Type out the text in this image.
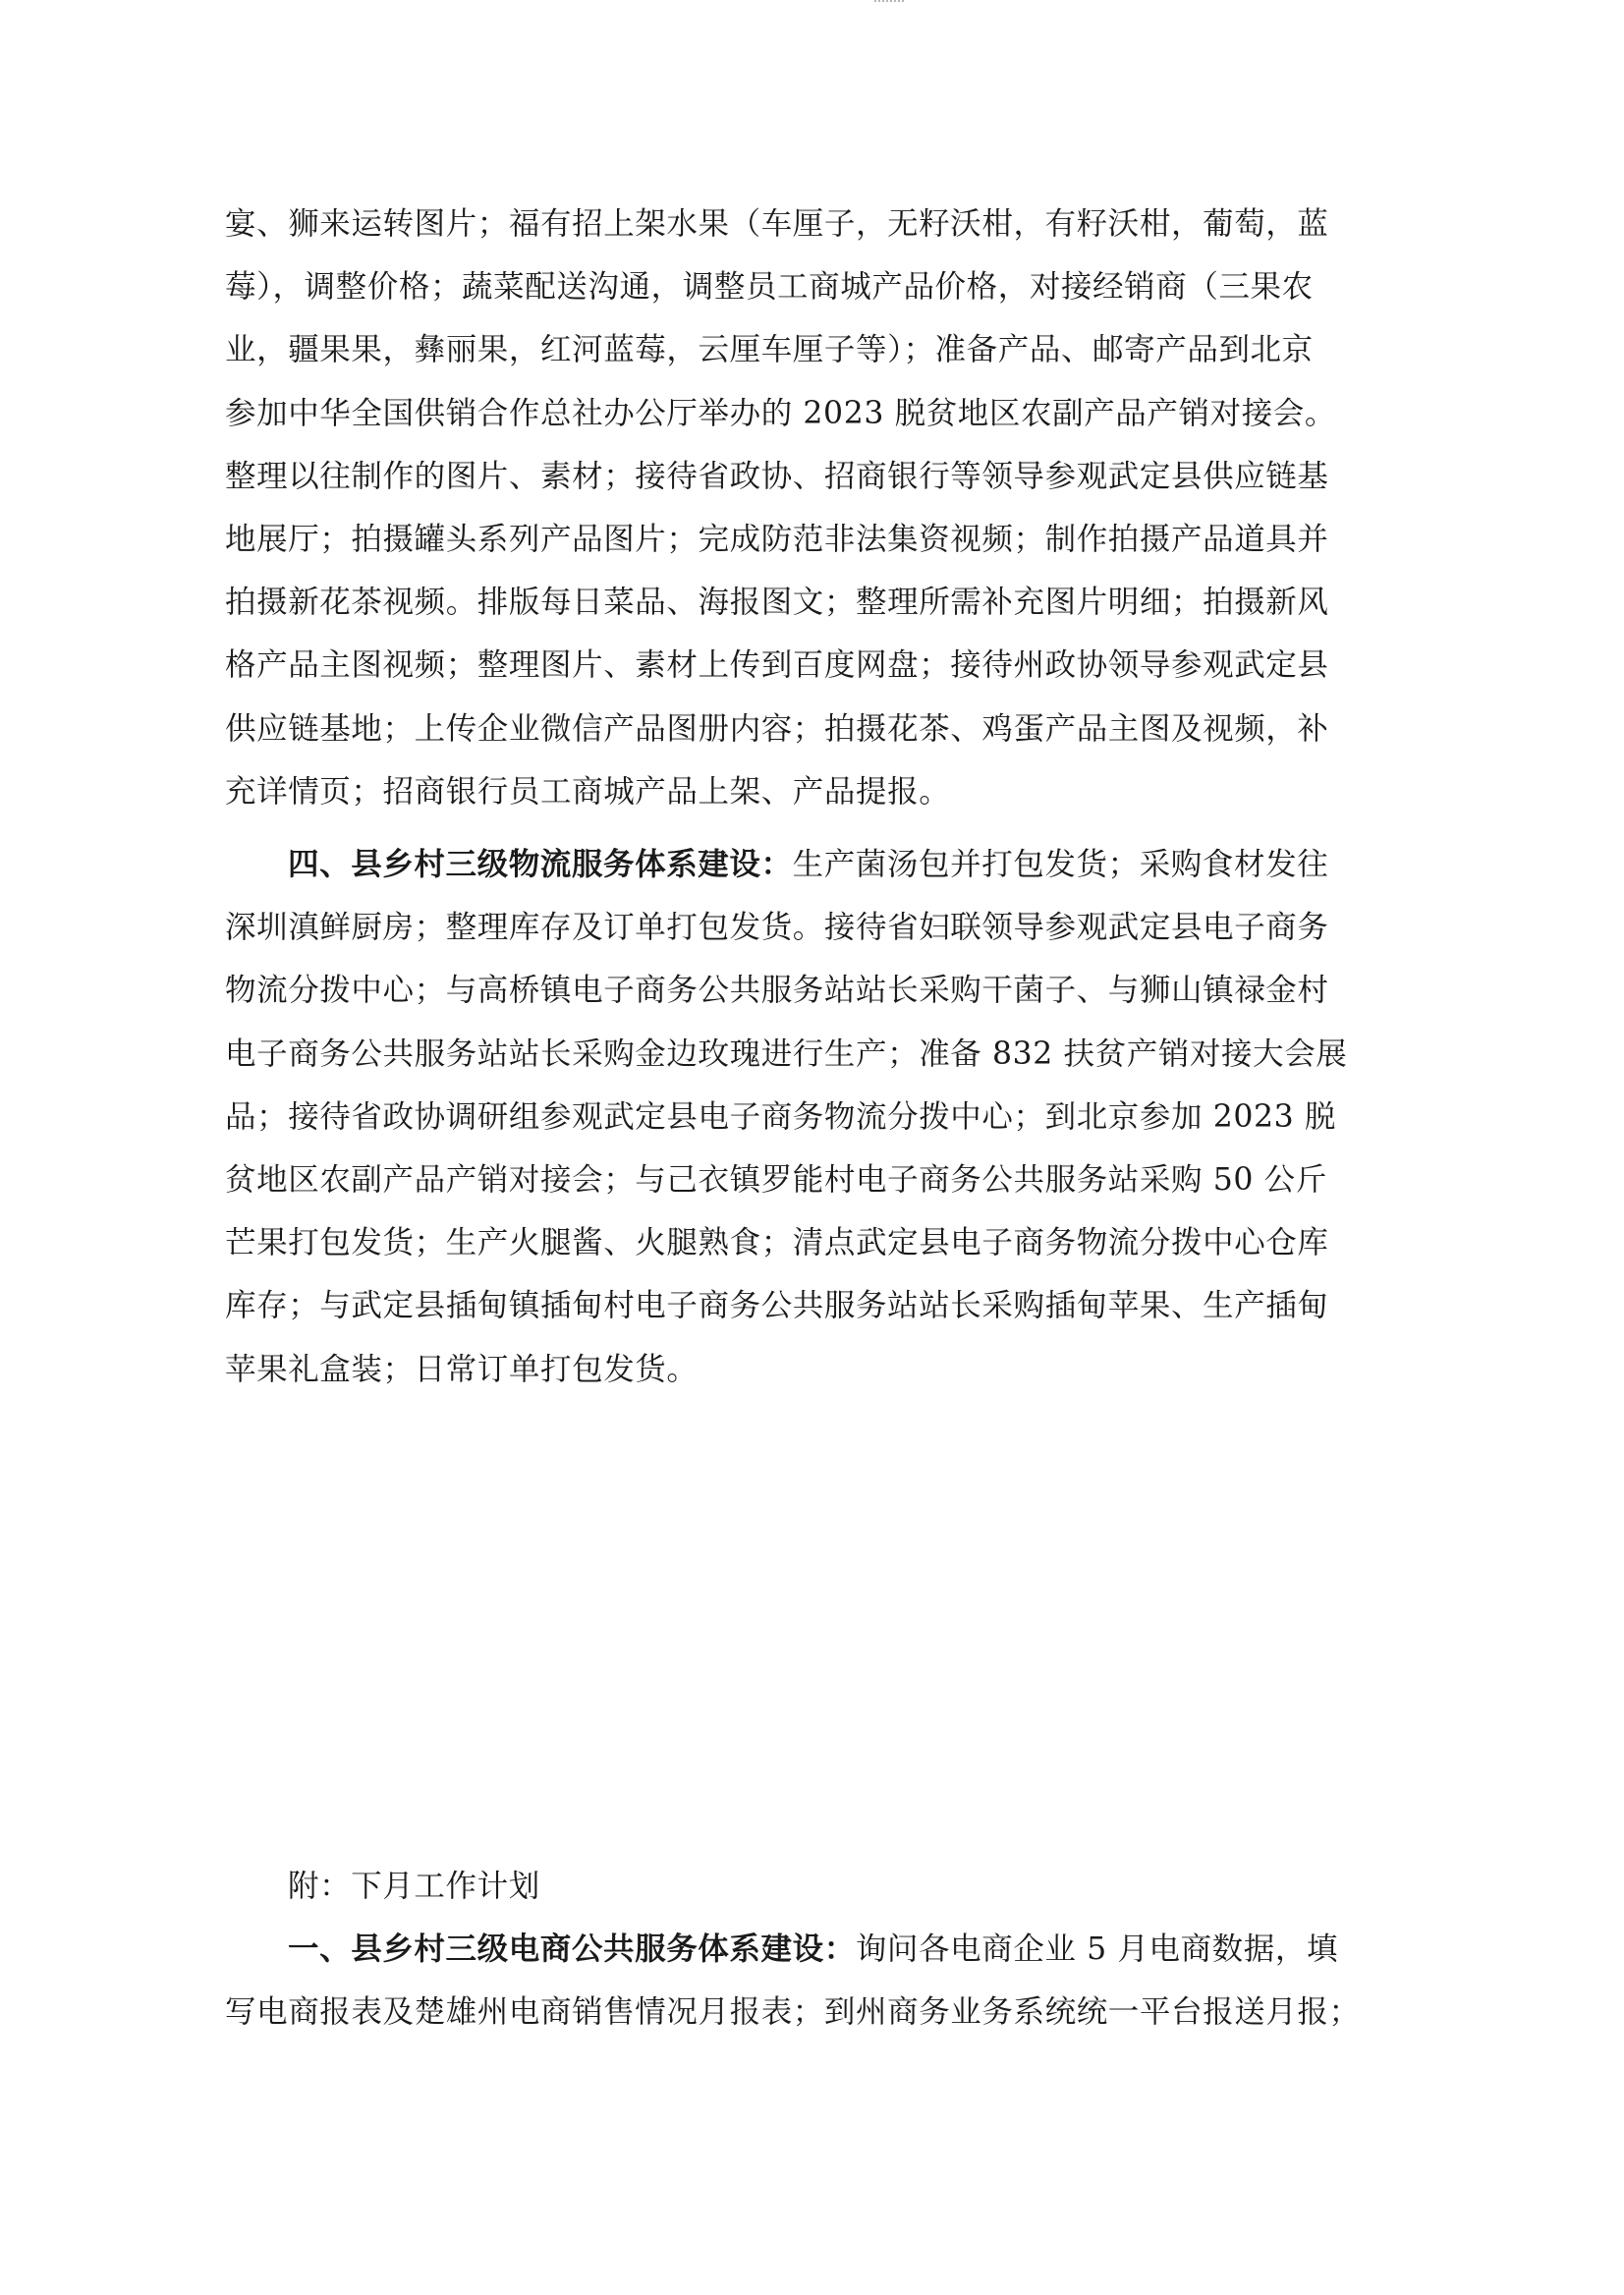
宴、狮来运转图片；福有招上架水果（车厘子，无籽沃柑，有籽沃柑，葡萄，蓝
莓），调整价格；蔬菜配送沟通，调整员工商城产品价格，对接经销商（三果农
业，疆果果，彝丽果，红河蓝莓，云厘车厘子等）；准备产品、邮寄产品到北京
参加中华全国供销合作总社办公厅举办的 2023 脱贫地区农副产品产销对接会。
整理以往制作的图片、素材；接待省政协、招商银行等领导参观武定县供应链基
地展厅；拍摄罐头系列产品图片；完成防范非法集资视频；制作拍摄产品道具并
拍摄新花茶视频。排版每日菜品、海报图文；整理所需补充图片明细；拍摄新风
格产品主图视频；整理图片、素材上传到百度网盘；接待州政协领导参观武定县
供应链基地；上传企业微信产品图册内容；拍摄花茶、鸡蛋产品主图及视频，补
充详情页；招商银行员工商城产品上架、产品提报。
四、县乡村三级物流服务体系建设：生产菌汤包并打包发货；采购食材发往
深圳滇鲜厨房；整理库存及订单打包发货。接待省妇联领导参观武定县电子商务
物流分拨中心；与高桥镇电子商务公共服务站站长采购干菌子、与狮山镇禄金村
电子商务公共服务站站长采购金边玫瑰进行生产；准备 832 扶贫产销对接大会展
品；接待省政协调研组参观武定县电子商务物流分拨中心；到北京参加 2023 脱
贫地区农副产品产销对接会；与己衣镇罗能村电子商务公共服务站采购 50 公斤
芒果打包发货；生产火腿酱、火腿熟食；清点武定县电子商务物流分拨中心仓库
库存；与武定县插甸镇插甸村电子商务公共服务站站长采购插甸苹果、生产插甸
苹果礼盒装；日常订单打包发货。
附：下月工作计划
一、县乡村三级电商公共服务体系建设：询问各电商企业 5 月电商数据，填
写电商报表及楚雄州电商销售情况月报表；到州商务业务系统统一平台报送月报；
